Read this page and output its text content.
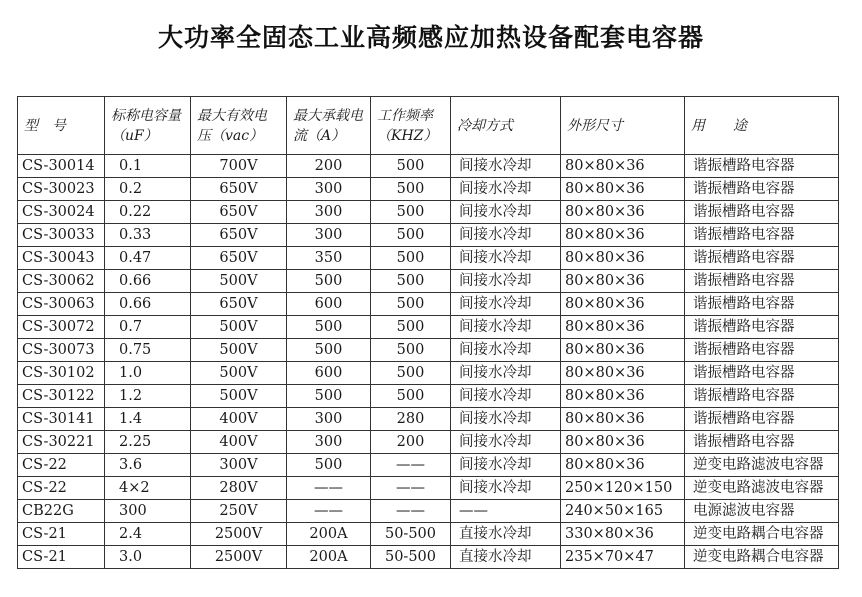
大功率全固态工业高频感应加热设备配套电容器
型　号	标称电容量（uF）	最大有效电压（vac）	最大承载电流（A）	工作频率（KHZ）	冷却方式	外形尺寸	用　　途
CS-30014	0.1	700V	200	500	间接水冷却	80×80×36	谐振槽路电容器
CS-30023	0.2	650V	300	500	间接水冷却	80×80×36	谐振槽路电容器
CS-30024	0.22	650V	300	500	间接水冷却	80×80×36	谐振槽路电容器
CS-30033	0.33	650V	300	500	间接水冷却	80×80×36	谐振槽路电容器
CS-30043	0.47	650V	350	500	间接水冷却	80×80×36	谐振槽路电容器
CS-30062	0.66	500V	500	500	间接水冷却	80×80×36	谐振槽路电容器
CS-30063	0.66	650V	600	500	间接水冷却	80×80×36	谐振槽路电容器
CS-30072	0.7	500V	500	500	间接水冷却	80×80×36	谐振槽路电容器
CS-30073	0.75	500V	500	500	间接水冷却	80×80×36	谐振槽路电容器
CS-30102	1.0	500V	600	500	间接水冷却	80×80×36	谐振槽路电容器
CS-30122	1.2	500V	500	500	间接水冷却	80×80×36	谐振槽路电容器
CS-30141	1.4	400V	300	280	间接水冷却	80×80×36	谐振槽路电容器
CS-30221	2.25	400V	300	200	间接水冷却	80×80×36	谐振槽路电容器
CS-22	3.6	300V	500	——	间接水冷却	80×80×36	逆变电路滤波电容器
CS-22	4×2	280V	——	——	间接水冷却	250×120×150	逆变电路滤波电容器
CB22G	300	250V	——	——	——	240×50×165	电源滤波电容器
CS-21	2.4	2500V	200A	50-500	直接水冷却	330×80×36	逆变电路耦合电容器
CS-21	3.0	2500V	200A	50-500	直接水冷却	235×70×47	逆变电路耦合电容器
